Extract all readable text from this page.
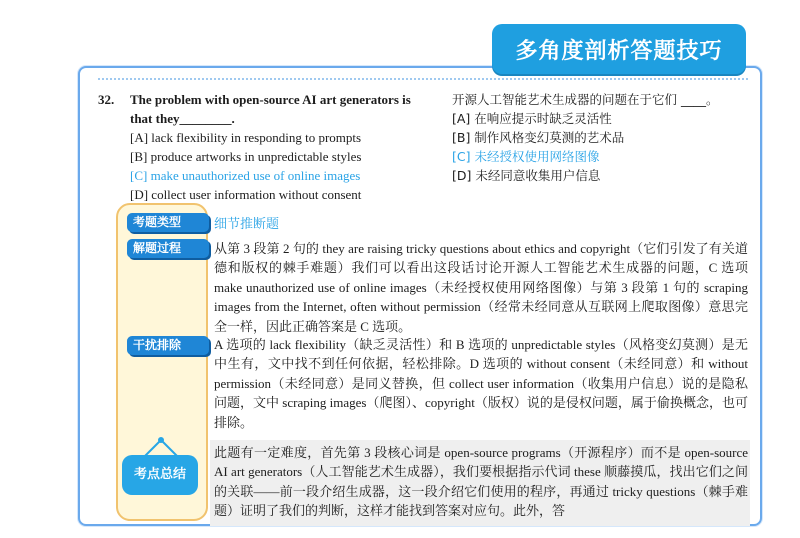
多角度剖析答题技巧
32. The problem with open-source AI art generators is that they________.
[A] lack flexibility in responding to prompts
[B] produce artworks in unpredictable styles
[C] make unauthorized use of online images
[D] collect user information without consent
开源人工智能艺术生成器的问题在于它们 ____。
[A] 在响应提示时缺乏灵活性
[B] 制作风格变幻莫测的艺术品
[C] 未经授权使用网络图像
[D] 未经同意收集用户信息
考题类型
解题过程
干扰排除
考点总结
细节推断题
从第 3 段第 2 句的 they are raising tricky questions about ethics and copyright（它们引发了有关道德和版权的棘手难题）我们可以看出这段话讨论开源人工智能艺术生成器的问题，C 选项 make unauthorized use of online images（未经授权使用网络图像）与第 3 段第 1 句的 scraping images from the Internet, often without permission（经常未经同意从互联网上爬取图像）意思完全一样，因此正确答案是 C 选项。
A 选项的 lack flexibility（缺乏灵活性）和 B 选项的 unpredictable styles（风格变幻莫测）是无中生有，文中找不到任何依据，轻松排除。D 选项的 without consent（未经同意）和 without permission（未经同意）是同义替换，但 collect user information（收集用户信息）说的是隐私问题，文中 scraping images（爬图）、copyright（版权）说的是侵权问题，属于偷换概念，也可排除。
此题有一定难度，首先第 3 段核心词是 open-source programs（开源程序）而不是 open-source AI art generators（人工智能艺术生成器），我们要根据指示代词 these 顺藤摸瓜，找出它们之间的关联——前一段介绍生成器，这一段介绍它们使用的程序，再通过 tricky questions（棘手难题）证明了我们的判断，这样才能找到答案对应句。此外，答
